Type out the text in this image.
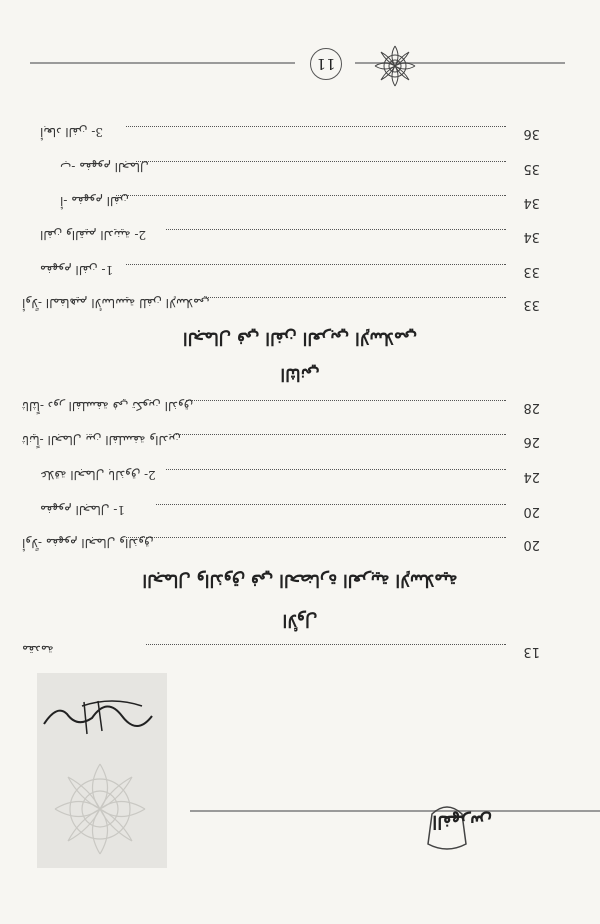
الفهرس
13
مقدمة
الأول
الجمال والذوق في الحضارة العربية الإسلامية
20
أولاً- مفهوم الجمال والذوق
20
1- مفهوم الجمال
24
2- علاقة الجمال بالذوق
26
ثانياً- الجمال بين الفلسفة والدين
28
ثالثاً- دور الفلسفة في تكوين الذوق
الثاني
الجمال في الفن العربي الإسلامي
33
أولاً- المفاهيم الأساسية للفن الإسلامي
33
1- مفهوم الفن
34
2- الفن والقيم الدينية
34
أ- مفهوم الفن
35
ب- مفهوم الجمال
36
3- أبعاد الفن
11
